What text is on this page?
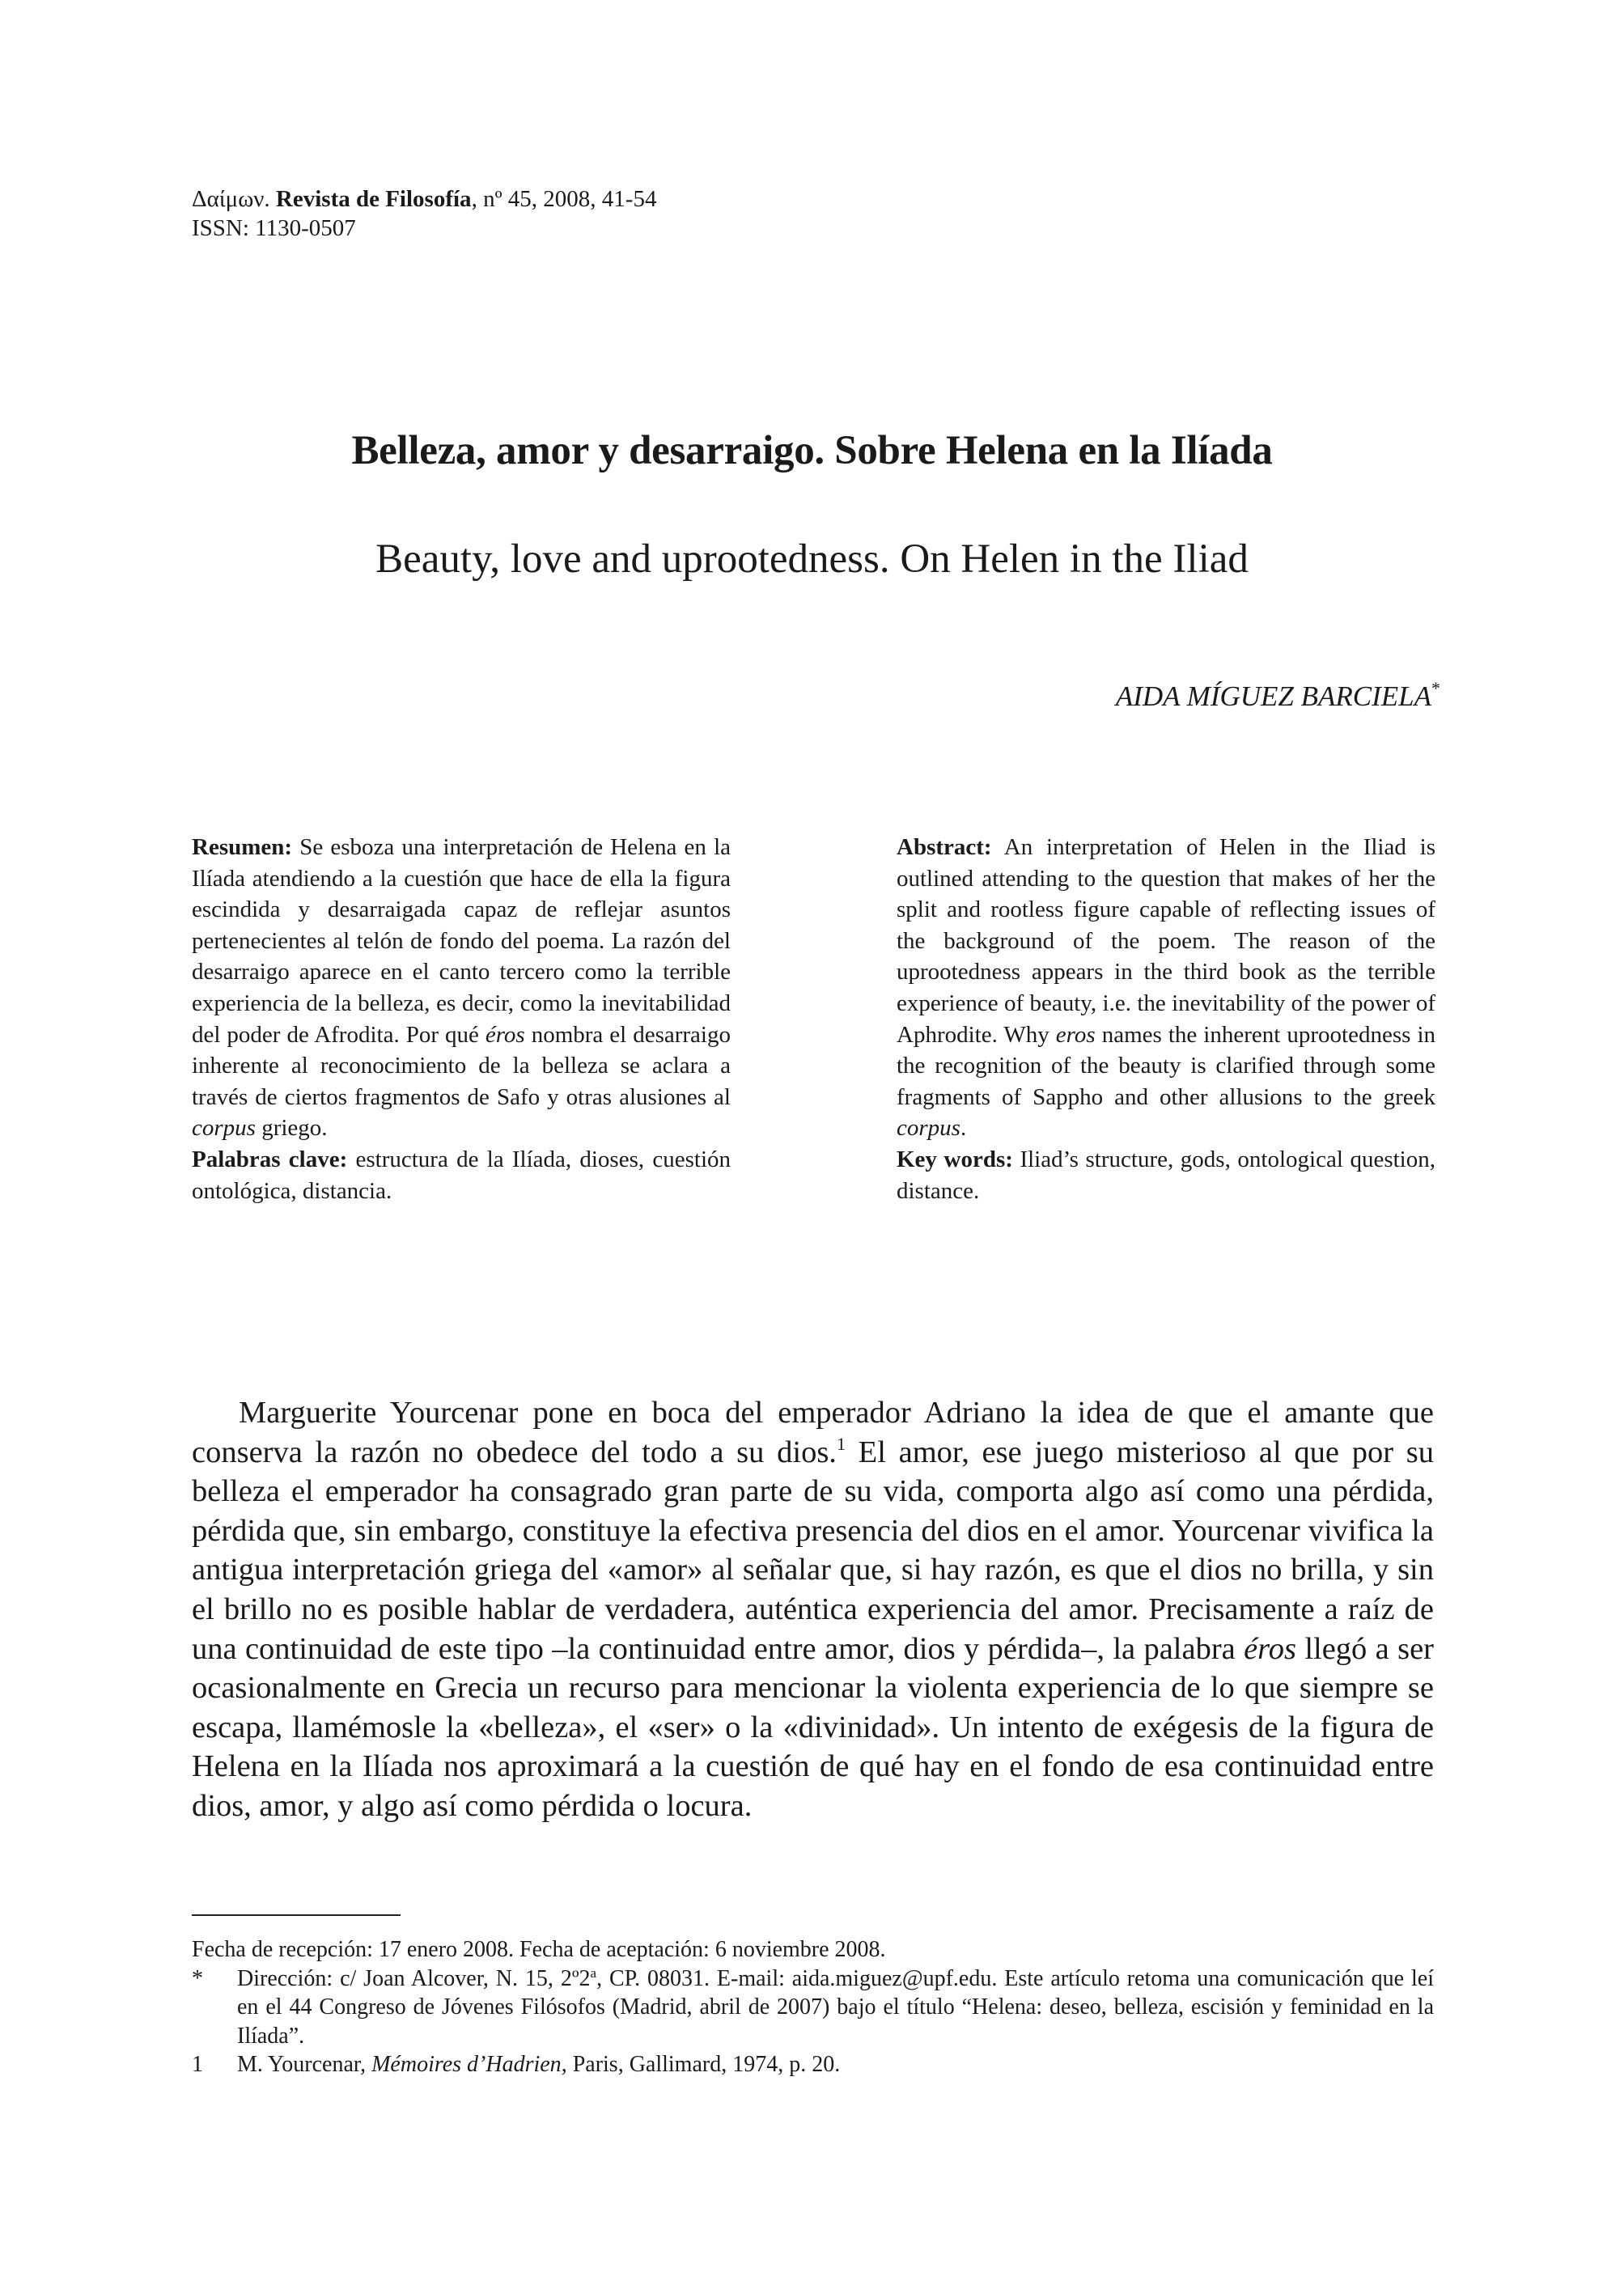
Δαίμων. Revista de Filosofía, nº 45, 2008, 41-54
ISSN: 1130-0507
Belleza, amor y desarraigo. Sobre Helena en la Ilíada
Beauty, love and uprootedness. On Helen in the Iliad
AIDA MÍGUEZ BARCIELA*

Resumen: Se esboza una interpretación de Helena en la Ilíada atendiendo a la cuestión que hace de ella la figura escindida y desarraigada capaz de reflejar asuntos pertenecientes al telón de fondo del poema. La razón del desarraigo aparece en el canto tercero como la terrible experiencia de la belleza, es decir, como la inevitabilidad del poder de Afrodita. Por qué éros nombra el desarraigo inherente al reconocimiento de la belleza se aclara a través de ciertos fragmentos de Safo y otras alusiones al corpus griego.

Palabras clave: estructura de la Ilíada, dioses, cuestión ontológica, distancia.

Abstract: An interpretation of Helen in the Iliad is outlined attending to the question that makes of her the split and rootless figure capable of reflecting issues of the background of the poem. The reason of the uprootedness appears in the third book as the terrible experience of beauty, i.e. the inevitability of the power of Aphrodite. Why eros names the inherent uprootedness in the recognition of the beauty is clarified through some fragments of Sappho and other allusions to the greek corpus.

Key words: Iliad’s structure, gods, ontological question, distance.

Marguerite Yourcenar pone en boca del emperador Adriano la idea de que el amante que conserva la razón no obedece del todo a su dios.$^1$ El amor, ese juego misterioso al que por su belleza el emperador ha consagrado gran parte de su vida, comporta algo así como una pérdida, pérdida que, sin embargo, constituye la efectiva presencia del dios en el amor. Yourcenar vivifica la antigua interpretación griega del «amor» al señalar que, si hay razón, es que el dios no brilla, y sin el brillo no es posible hablar de verdadera, auténtica experiencia del amor. Precisamente a raíz de una continuidad de este tipo –la continuidad entre amor, dios y pérdida–, la palabra éros llegó a ser ocasionalmente en Grecia un recurso para mencionar la violenta experiencia de lo que siempre se escapa, llamémosle la «belleza», el «ser» o la «divinidad». Un intento de exégesis de la figura de Helena en la Ilíada nos aproximará a la cuestión de qué hay en el fondo de esa continuidad entre dios, amor, y algo así como pérdida o locura.

Fecha de recepción: 17 enero 2008. Fecha de aceptación: 6 noviembre 2008.

*	Dirección: c/ Joan Alcover, N. 15, 2º2$^a$, CP. 08031. E-mail: aida.miguez@upf.edu. Este artículo retoma una comunicación que leí en el 44 Congreso de Jóvenes Filósofos (Madrid, abril de 2007) bajo el título “Helena: deseo, belleza, escisión y feminidad en la Ilíada”.
1	M. Yourcenar, Mémoires d’Hadrien, Paris, Gallimard, 1974, p. 20.
